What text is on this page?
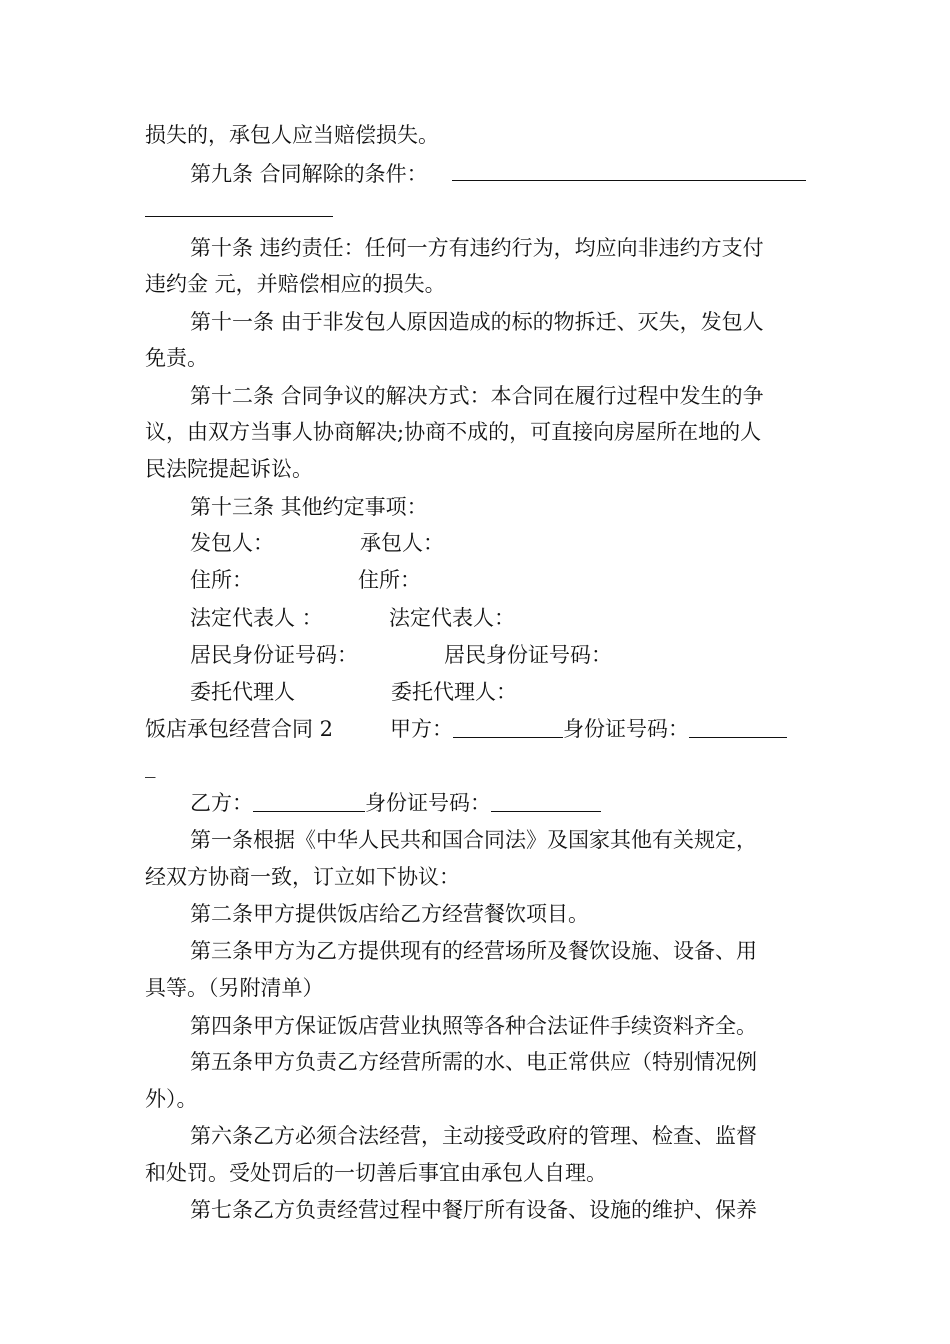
损失的，承包人应当赔偿损失。
第九条 合同解除的条件：
第十条 违约责任：任何一方有违约行为，均应向非违约方支付
违约金 元，并赔偿相应的损失。
第十一条 由于非发包人原因造成的标的物拆迁、灭失，发包人
免责。
第十二条 合同争议的解决方式：本合同在履行过程中发生的争
议，由双方当事人协商解决;协商不成的，可直接向房屋所在地的人
民法院提起诉讼。
第十三条 其他约定事项：
发包人：	承包人：
住所：	住所：
法定代表人 ：	法定代表人：
居民身份证号码：	居民身份证号码：
委托代理人	委托代理人：
饭店承包经营合同 2	甲方：	身份证号码：
_
乙方：	身份证号码：
第一条根据《中华人民共和国合同法》及国家其他有关规定，
经双方协商一致，订立如下协议：
第二条甲方提供饭店给乙方经营餐饮项目。
第三条甲方为乙方提供现有的经营场所及餐饮设施、设备、用
具等。（另附清单）
第四条甲方保证饭店营业执照等各种合法证件手续资料齐全。
第五条甲方负责乙方经营所需的水、电正常供应（特别情况例
外）。
第六条乙方必须合法经营，主动接受政府的管理、检查、监督
和处罚。受处罚后的一切善后事宜由承包人自理。
第七条乙方负责经营过程中餐厅所有设备、设施的维护、保养
